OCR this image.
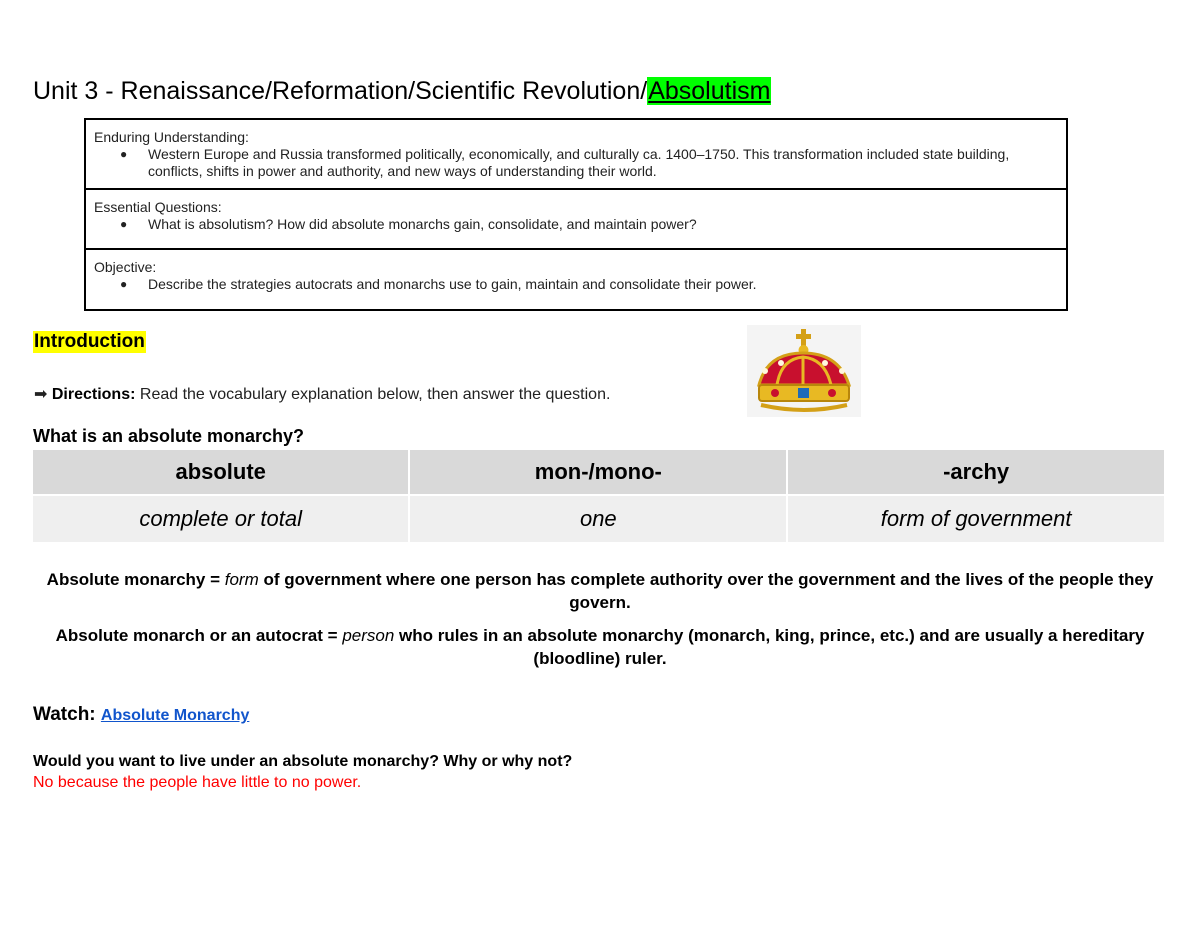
Unit 3 - Renaissance/Reformation/Scientific Revolution/Absolutism
Enduring Understanding:
● Western Europe and Russia transformed politically, economically, and culturally ca. 1400–1750. This transformation included state building, conflicts, shifts in power and authority, and new ways of understanding their world.
Essential Questions:
● What is absolutism? How did absolute monarchs gain, consolidate, and maintain power?
Objective:
● Describe the strategies autocrats and monarchs use to gain, maintain and consolidate their power.
Introduction
➡ Directions: Read the vocabulary explanation below, then answer the question.
What is an absolute monarchy?
absolute	mon-/mono-	-archy
complete or total	one	form of government
Absolute monarchy = form of government where one person has complete authority over the government and the lives of the people they govern.
Absolute monarch or an autocrat = person who rules in an absolute monarchy (monarch, king, prince, etc.) and are usually a hereditary (bloodline) ruler.
Watch: Absolute Monarchy
Would you want to live under an absolute monarchy? Why or why not?
No because the people have little to no power.
